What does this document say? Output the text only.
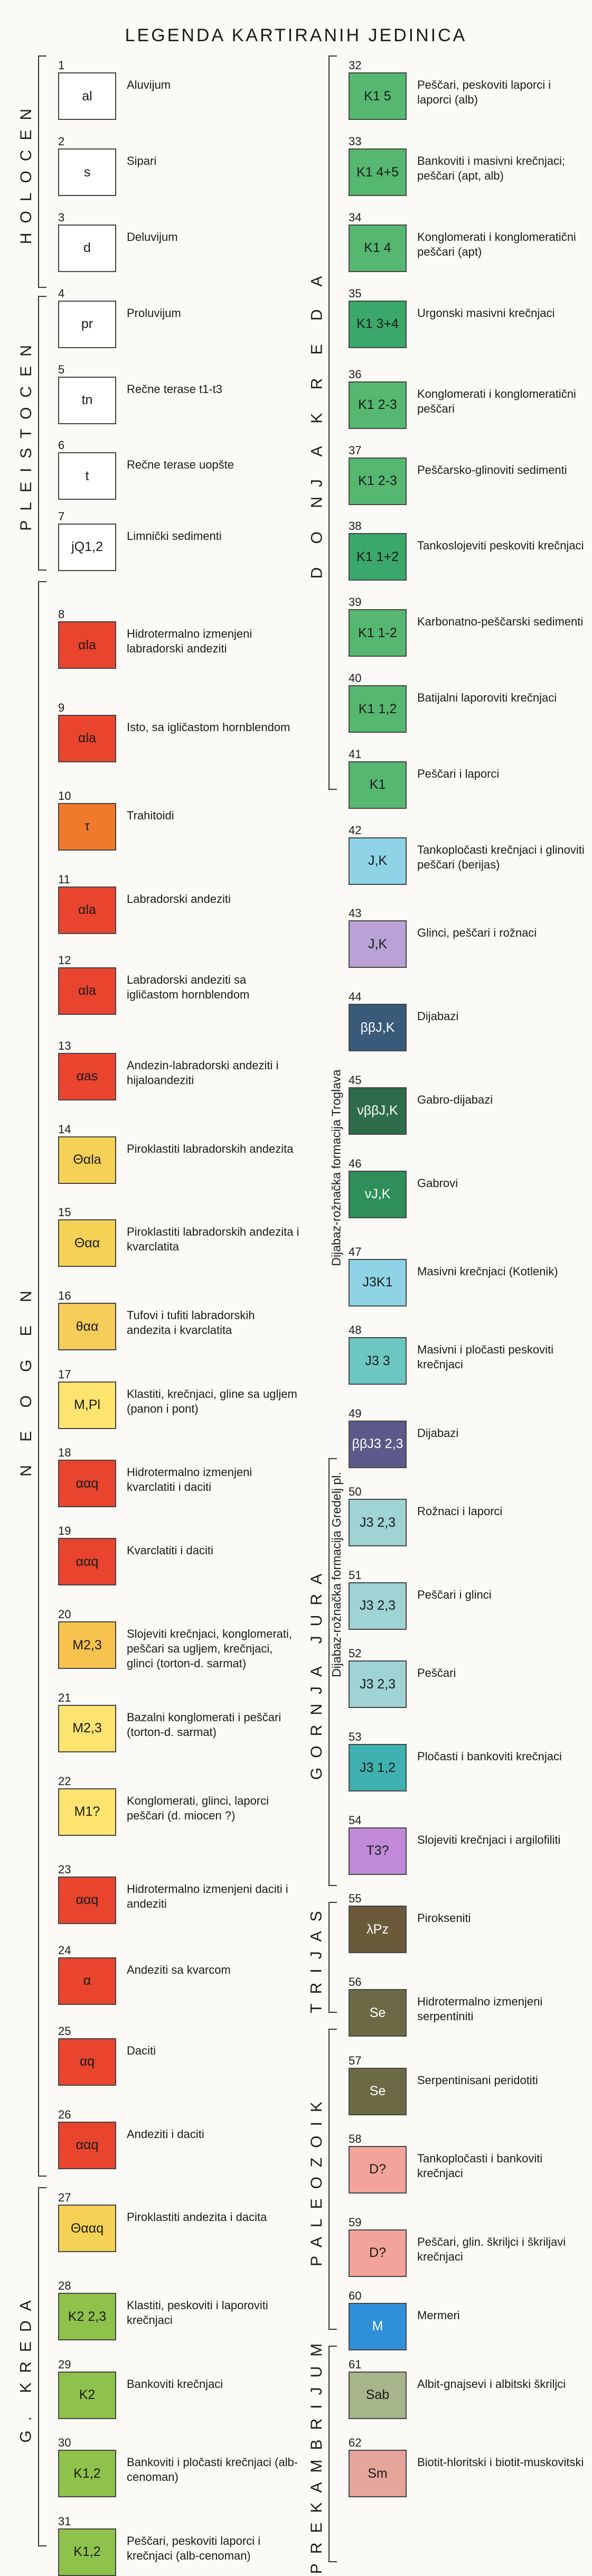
LEGENDA KARTIRANIH JEDINICA
HOLOCEN
PLEISTOCEN
N E O G E N
G. KREDA
D O NJ A K R E D A
GORNJA JURA
TRIJAS
PALEOZOIK
PREKAMBRIJUM
Dijabaz-rožnačka formacija Troglava
Dijabaz-rožnačka formacija Gredelj pl.
1
al
Aluvijum
2
s
Sipari
3
d
Deluvijum
4
pr
Proluvijum
5
tn
Rečne terase t1-t3
6
t
Rečne terase uopšte
7
jQ1,2
Limnički sedimenti
8
αla
Hidrotermalno izmenjeni labradorski andeziti
9
αla
Isto, sa igličastom hornblendom
10
τ
Trahitoidi
11
αla
Labradorski andeziti
12
αla
Labradorski andeziti sa igličastom hornblendom
13
αas
Andezin-labradorski andeziti i hijaloandeziti
14
Θαla
Piroklastiti labradorskih andezita
15
Θαα
Piroklastiti labradorskih andezita i kvarclatita
16
θαα
Tufovi i tufiti labradorskih andezita i kvarclatita
17
M,Pl
Klastiti, krečnjaci, gline sa ugljem (panon i pont)
18
ααq
Hidrotermalno izmenjeni kvarclatiti i daciti
19
ααq
Kvarclatiti i daciti
20
M2,3
Slojeviti krečnjaci, konglomerati, peščari sa ugljem, krečnjaci, glinci (torton-d. sarmat)
21
M2,3
Bazalni konglomerati i peščari (torton-d. sarmat)
22
M1?
Konglomerati, glinci, laporci peščari (d. miocen ?)
23
ααq
Hidrotermalno izmenjeni daciti i andeziti
24
α
Andeziti sa kvarcom
25
αq
Daciti
26
ααq
Andeziti i daciti
27
Θααq
Piroklastiti andezita i dacita
28
K2 2,3
Klastiti, peskoviti i laporoviti krečnjaci
29
K2
Bankoviti krečnjaci
30
K1,2
Bankoviti i pločasti krečnjaci (alb-cenoman)
31
K1,2
Peščari, peskoviti laporci i krečnjaci (alb-cenoman)
32
K1 5
Peščari, peskoviti laporci i laporci (alb)
33
K1 4+5
Bankoviti i masivni krečnjaci; peščari (apt, alb)
34
K1 4
Konglomerati i konglomeratični peščari (apt)
35
K1 3+4
Urgonski masivni krečnjaci
36
K1 2-3
Konglomerati i konglomeratični peščari
37
K1 2-3
Peščarsko-glinoviti sedimenti
38
K1 1+2
Tankoslojeviti peskoviti krečnjaci
39
K1 1-2
Karbonatno-peščarski sedimenti
40
K1 1,2
Batijalni laporoviti krečnjaci
41
K1
Peščari i laporci
42
J,K
Tankopločasti krečnjaci i glinoviti peščari (berijas)
43
J,K
Glinci, peščari i rožnaci
44
ββJ,K
Dijabazi
45
νββJ,K
Gabro-dijabazi
46
νJ,K
Gabrovi
47
J3K1
Masivni krečnjaci (Kotlenik)
48
J3 3
Masivni i pločasti peskoviti krečnjaci
49
ββJ3 2,3
Dijabazi
50
J3 2,3
Rožnaci i laporci
51
J3 2,3
Peščari i glinci
52
J3 2,3
Peščari
53
J3 1,2
Pločasti i bankoviti krečnjaci
54
T3?
Slojeviti krečnjaci i argilofiliti
55
λPz
Piroksenitі
56
Se
Hidrotermalno izmenjeni serpentiniti
57
Se
Serpentinisani peridotiti
58
D?
Tankopločasti i bankoviti krečnjaci
59
D?
Peščari, glin. škriljci i škriljavi krečnjaci
60
M
Mermeri
61
Sab
Albit-gnajsevi i albitski škriljci
62
Sm
Biotit-hloritski i biotit-muskovitski
